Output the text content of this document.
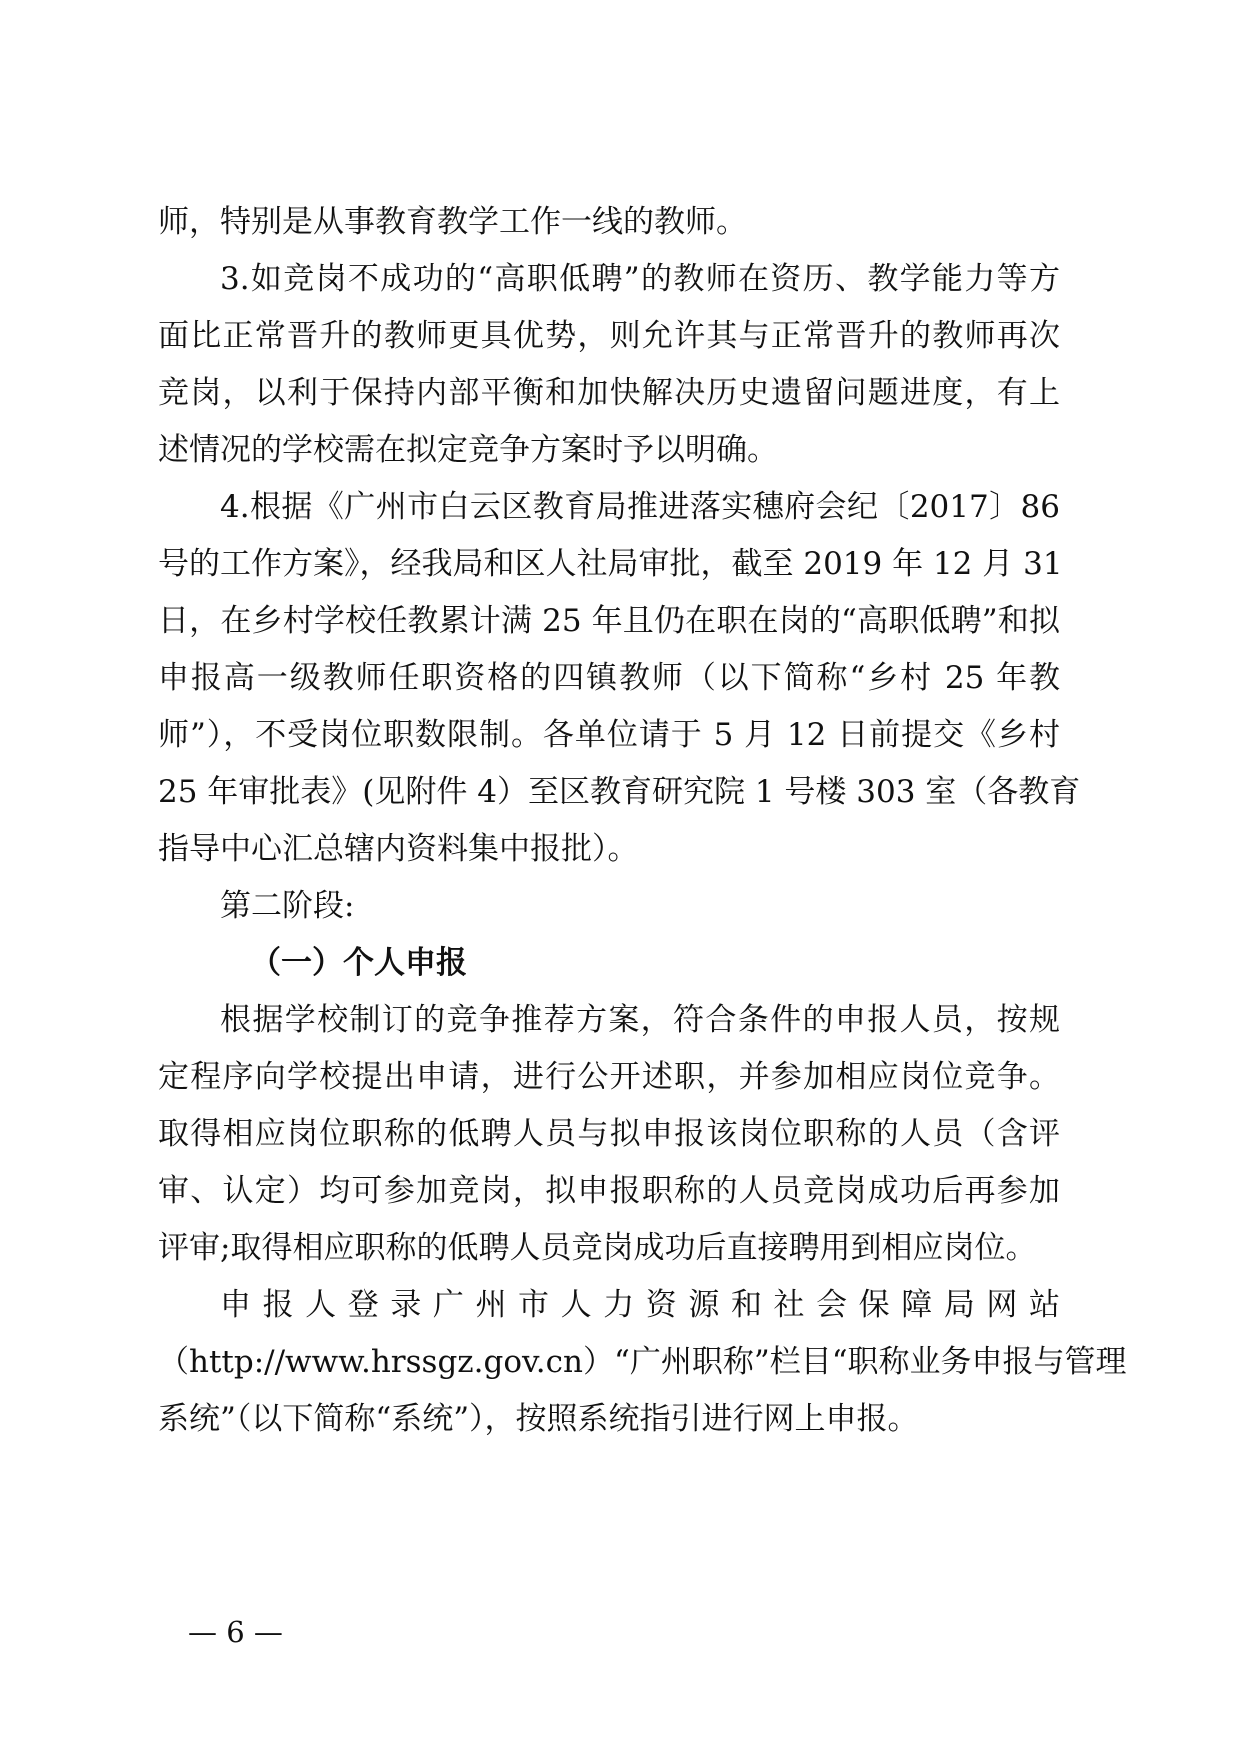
师，特别是从事教育教学工作一线的教师。
3.如竞岗不成功的“高职低聘”的教师在资历、教学能力等方
面比正常晋升的教师更具优势，则允许其与正常晋升的教师再次
竞岗，以利于保持内部平衡和加快解决历史遗留问题进度，有上
述情况的学校需在拟定竞争方案时予以明确。
4.根据《广州市白云区教育局推进落实穗府会纪〔2017〕86
号的工作方案》，经我局和区人社局审批，截至 2019 年 12 月 31
日，在乡村学校任教累计满 25 年且仍在职在岗的“高职低聘”和拟
申报高一级教师任职资格的四镇教师（以下简称“乡村 25 年教
师”），不受岗位职数限制。各单位请于 5 月 12 日前提交《乡村
25 年审批表》(见附件 4）至区教育研究院 1 号楼 303 室（各教育
指导中心汇总辖内资料集中报批）。
第二阶段:
（一）个人申报
根据学校制订的竞争推荐方案，符合条件的申报人员，按规
定程序向学校提出申请，进行公开述职，并参加相应岗位竞争。
取得相应岗位职称的低聘人员与拟申报该岗位职称的人员（含评
审、认定）均可参加竞岗，拟申报职称的人员竞岗成功后再参加
评审;取得相应职称的低聘人员竞岗成功后直接聘用到相应岗位。
申报人登录广州市人力资源和社会保障局网站
（http://www.hrssgz.gov.cn）“广州职称”栏目“职称业务申报与管理
系统”（以下简称“系统”），按照系统指引进行网上申报。
— 6 —
